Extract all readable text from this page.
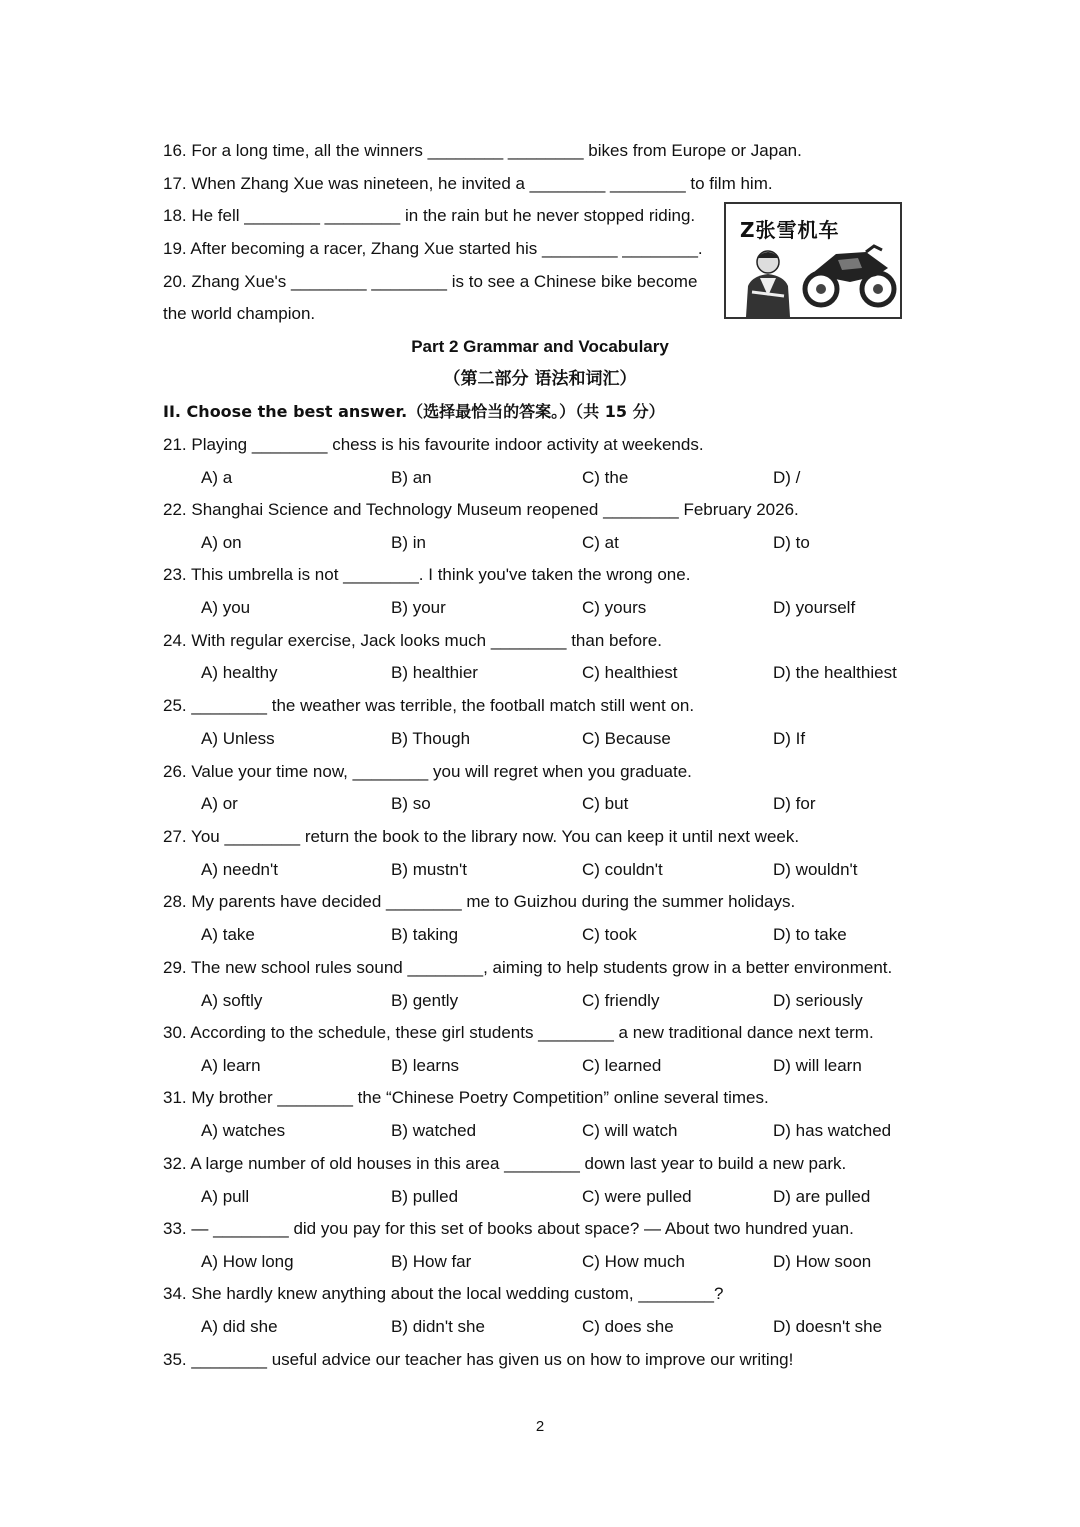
16. For a long time, all the winners ________ ________ bikes from Europe or Japan.
17. When Zhang Xue was nineteen, he invited a ________ ________ to film him.
18. He fell ________ ________ in the rain but he never stopped riding.
19. After becoming a racer, Zhang Xue started his ________ ________.
20. Zhang Xue's ________ ________ is to see a Chinese bike become
the world champion.
Z张雪机车
Part 2 Grammar and Vocabulary
（第二部分 语法和词汇）
II. Choose the best answer.（选择最恰当的答案。）（共 15 分）
21. Playing ________ chess is his favourite indoor activity at weekends.
A) a	B) an	C) the	D) /
22. Shanghai Science and Technology Museum reopened ________ February 2026.
A) on	B) in	C) at	D) to
23. This umbrella is not ________. I think you've taken the wrong one.
A) you	B) your	C) yours	D) yourself
24. With regular exercise, Jack looks much ________ than before.
A) healthy	B) healthier	C) healthiest	D) the healthiest
25. ________ the weather was terrible, the football match still went on.
A) Unless	B) Though	C) Because	D) If
26. Value your time now, ________ you will regret when you graduate.
A) or	B) so	C) but	D) for
27. You ________ return the book to the library now. You can keep it until next week.
A) needn't	B) mustn't	C) couldn't	D) wouldn't
28. My parents have decided ________ me to Guizhou during the summer holidays.
A) take	B) taking	C) took	D) to take
29. The new school rules sound ________, aiming to help students grow in a better environment.
A) softly	B) gently	C) friendly	D) seriously
30. According to the schedule, these girl students ________ a new traditional dance next term.
A) learn	B) learns	C) learned	D) will learn
31. My brother ________ the “Chinese Poetry Competition” online several times.
A) watches	B) watched	C) will watch	D) has watched
32. A large number of old houses in this area ________ down last year to build a new park.
A) pull	B) pulled	C) were pulled	D) are pulled
33. — ________ did you pay for this set of books about space? — About two hundred yuan.
A) How long	B) How far	C) How much	D) How soon
34. She hardly knew anything about the local wedding custom, ________?
A) did she	B) didn't she	C) does she	D) doesn't she
35. ________ useful advice our teacher has given us on how to improve our writing!
2
